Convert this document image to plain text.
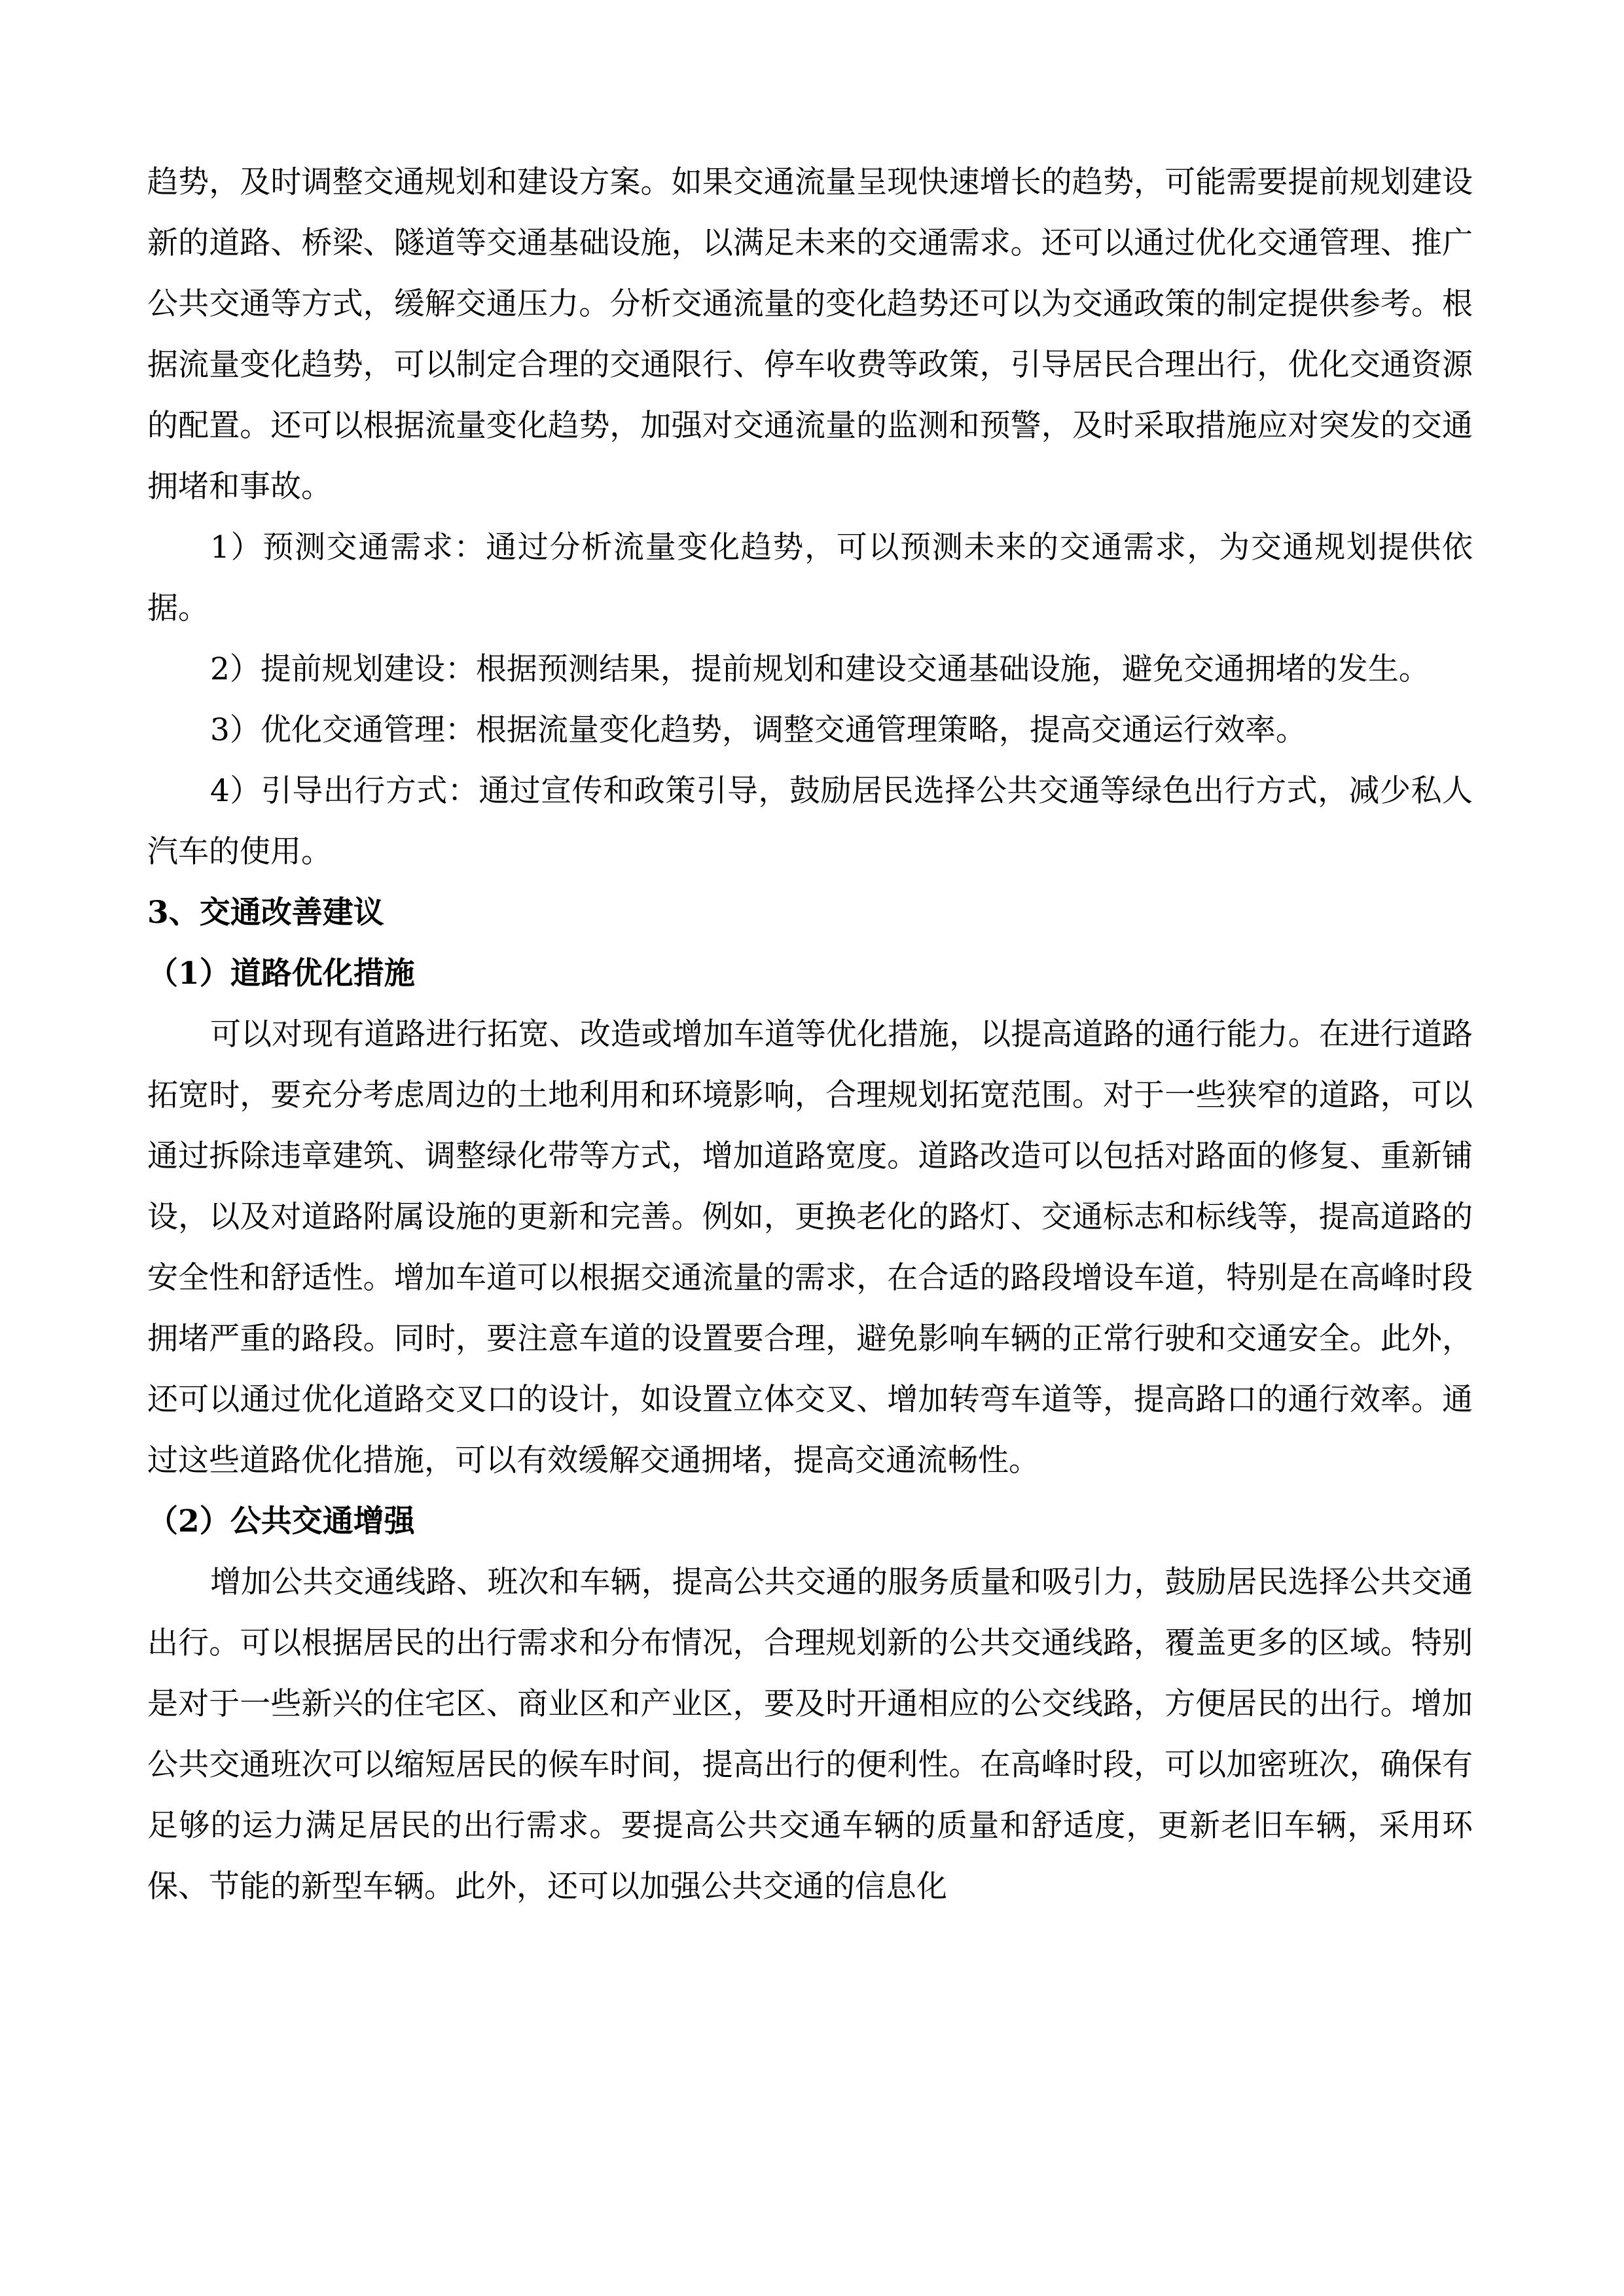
趋势，及时调整交通规划和建设方案。如果交通流量呈现快速增长的趋势，可能需要提前规划建设新的道路、桥梁、隧道等交通基础设施，以满足未来的交通需求。还可以通过优化交通管理、推广公共交通等方式，缓解交通压力。分析交通流量的变化趋势还可以为交通政策的制定提供参考。根据流量变化趋势，可以制定合理的交通限行、停车收费等政策，引导居民合理出行，优化交通资源的配置。还可以根据流量变化趋势，加强对交通流量的监测和预警，及时采取措施应对突发的交通拥堵和事故。

1）预测交通需求：通过分析流量变化趋势，可以预测未来的交通需求，为交通规划提供依据。

2）提前规划建设：根据预测结果，提前规划和建设交通基础设施，避免交通拥堵的发生。

3）优化交通管理：根据流量变化趋势，调整交通管理策略，提高交通运行效率。

4）引导出行方式：通过宣传和政策引导，鼓励居民选择公共交通等绿色出行方式，减少私人汽车的使用。

3、交通改善建议
（1）道路优化措施

可以对现有道路进行拓宽、改造或增加车道等优化措施，以提高道路的通行能力。在进行道路拓宽时，要充分考虑周边的土地利用和环境影响，合理规划拓宽范围。对于一些狭窄的道路，可以通过拆除违章建筑、调整绿化带等方式，增加道路宽度。道路改造可以包括对路面的修复、重新铺设，以及对道路附属设施的更新和完善。例如，更换老化的路灯、交通标志和标线等，提高道路的安全性和舒适性。增加车道可以根据交通流量的需求，在合适的路段增设车道，特别是在高峰时段拥堵严重的路段。同时，要注意车道的设置要合理，避免影响车辆的正常行驶和交通安全。此外，还可以通过优化道路交叉口的设计，如设置立体交叉、增加转弯车道等，提高路口的通行效率。通过这些道路优化措施，可以有效缓解交通拥堵，提高交通流畅性。

（2）公共交通增强

增加公共交通线路、班次和车辆，提高公共交通的服务质量和吸引力，鼓励居民选择公共交通出行。可以根据居民的出行需求和分布情况，合理规划新的公共交通线路，覆盖更多的区域。特别是对于一些新兴的住宅区、商业区和产业区，要及时开通相应的公交线路，方便居民的出行。增加公共交通班次可以缩短居民的候车时间，提高出行的便利性。在高峰时段，可以加密班次，确保有足够的运力满足居民的出行需求。要提高公共交通车辆的质量和舒适度，更新老旧车辆，采用环保、节能的新型车辆。此外，还可以加强公共交通的信息化
